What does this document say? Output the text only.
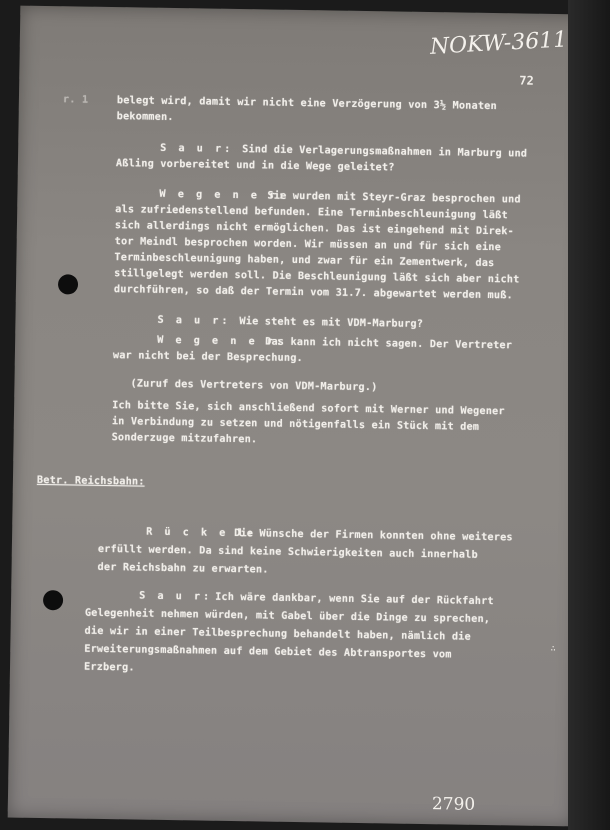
NOKW-3611
72
r. 1	belegt wird, damit wir nicht eine Verzögerung von 3½ Monaten
bekommen.
S a u r: Sind die Verlagerungsmaßnahmen in Marburg und
Aßling vorbereitet und in die Wege geleitet?
W e g e n e r:
Sie wurden mit Steyr-Graz besprochen und
als zufriedenstellend befunden. Eine Terminbeschleunigung läßt
sich allerdings nicht ermöglichen. Das ist eingehend mit Direk-
tor Meindl besprochen worden. Wir müssen an und für sich eine
Terminbeschleunigung haben, und zwar für ein Zementwerk, das
stillgelegt werden soll. Die Beschleunigung läßt sich aber nicht
durchführen, so daß der Termin vom 31.7. abgewartet werden muß.
S a u r: Wie steht es mit VDM-Marburg?
W e g e n e r:
Das kann ich nicht sagen. Der Vertreter
war nicht bei der Besprechung.
(Zuruf des Vertreters von VDM-Marburg.)
Ich bitte Sie, sich anschließend sofort mit Werner und Wegener
in Verbindung zu setzen und nötigenfalls ein Stück mit dem
Sonderzuge mitzufahren.
Betr. Reichsbahn:
R ü c k e l:
Die Wünsche der Firmen konnten ohne weiteres
erfüllt werden. Da sind keine Schwierigkeiten auch innerhalb
der Reichsbahn zu erwarten.
S a u r: Ich wäre dankbar, wenn Sie auf der Rückfahrt
Gelegenheit nehmen würden, mit Gabel über die Dinge zu sprechen,
die wir in einer Teilbesprechung behandelt haben, nämlich die
Erweiterungsmaßnahmen auf dem Gebiet des Abtransportes vom
Erzberg.
∴
2790
